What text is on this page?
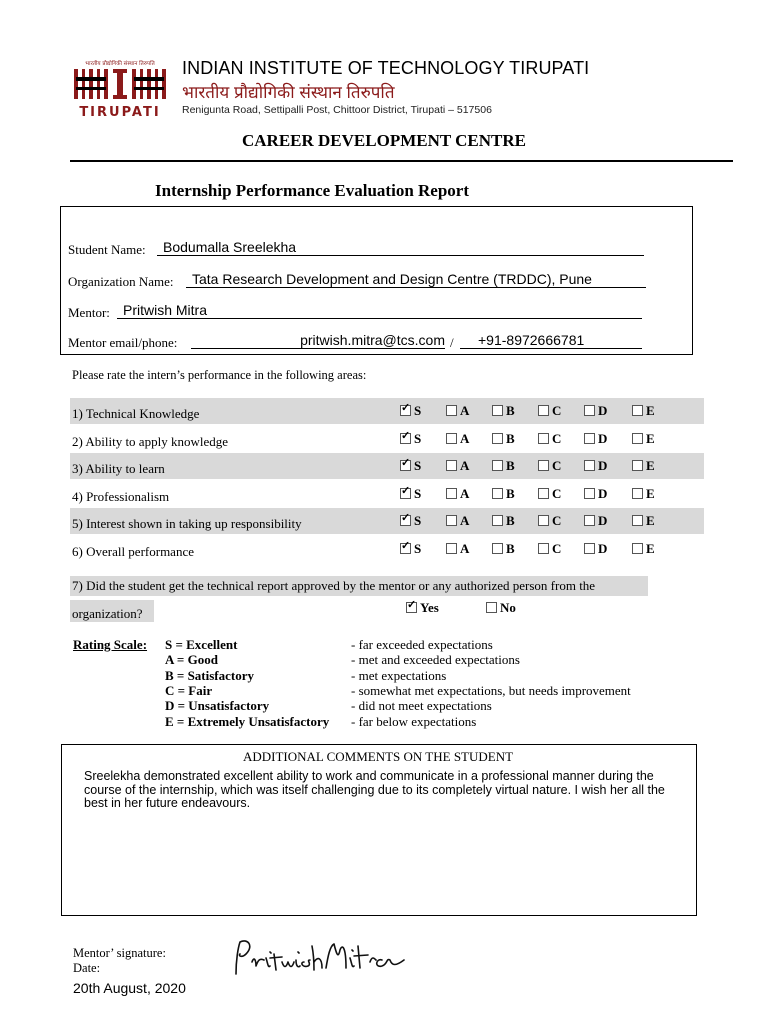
भारतीय प्रौद्योगिकी संस्थान तिरुपति
TIRUPATI
INDIAN INSTITUTE OF TECHNOLOGY TIRUPATI
भारतीय प्रौद्योगिकी संस्थान तिरुपति
Renigunta Road, Settipalli Post, Chittoor District, Tirupati – 517506
CAREER DEVELOPMENT CENTRE
Internship Performance Evaluation Report
Student Name:	Bodumalla Sreelekha
Organization Name:	Tata Research Development and Design Centre (TRDDC), Pune
Mentor: Pritwish Mitra
Mentor email/phone:	pritwish.mitra@tcs.com /	+91-8972666781
Please rate the intern’s performance in the following areas:
1) Technical Knowledge ✓	S	A	B	C	D	E
2) Ability to apply knowledge ✓	S	A	B	C	D	E
3) Ability to learn ✓	S	A	B	C	D	E
4) Professionalism ✓	S	A	B	C	D	E
5) Interest shown in taking up responsibility ✓	S	A	B	C	D	E
6) Overall performance ✓	S	A	B	C	D	E
7) Did the student get the technical report approved by the mentor or any authorized person from the
organization? ✓	Yes	No
Rating Scale: S = Excellent	- far exceeded expectations
A = Good	- met and exceeded expectations
B = Satisfactory	- met expectations
C = Fair	- somewhat met expectations, but needs improvement
D = Unsatisfactory	- did not meet expectations
E = Extremely Unsatisfactory - far below expectations
ADDITIONAL COMMENTS ON THE STUDENT
Sreelekha demonstrated excellent ability to work and communicate in a professional manner during the course of the internship, which was itself challenging due to its completely virtual nature. I wish her all the best in her future endeavours.
Mentor’ signature:
Date:
20th August, 2020
